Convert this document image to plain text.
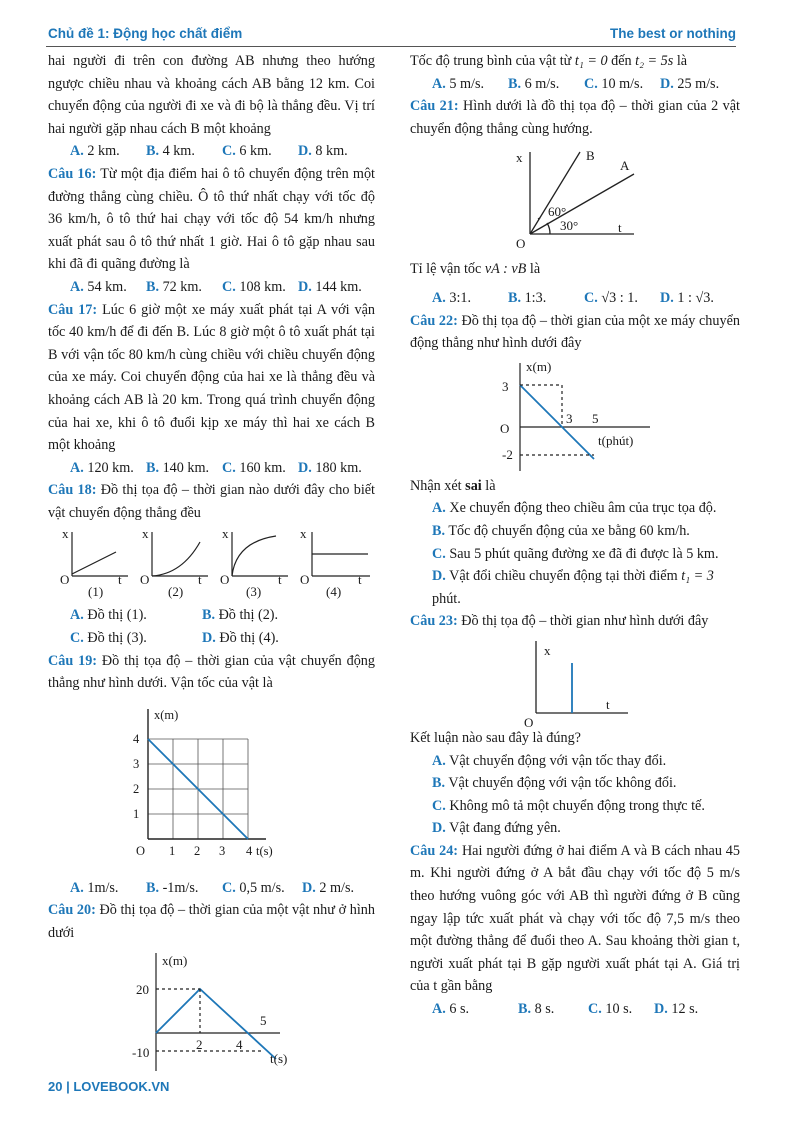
Chủ đề 1: Động học chất điểm	The best or nothing

hai người đi trên con đường AB nhưng theo hướng ngược chiều nhau và khoảng cách AB bằng 12 km. Coi chuyển động của người đi xe và đi bộ là thẳng đều. Vị trí hai người gặp nhau cách B một khoảng

A. 2 km.	B. 4 km.	C. 6 km.	D. 8 km.

Câu 16: Từ một địa điểm hai ô tô chuyển động trên một đường thẳng cùng chiều. Ô tô thứ nhất chạy với tốc độ 36 km/h, ô tô thứ hai chạy với tốc độ 54 km/h nhưng xuất phát sau ô tô thứ nhất 1 giờ. Hai ô tô gặp nhau sau khi đã đi quãng đường là

A. 54 km.	B. 72 km.	C. 108 km. D. 144 km.

Câu 17: Lúc 6 giờ một xe máy xuất phát tại A với vận tốc 40 km/h để đi đến B. Lúc 8 giờ một ô tô xuất phát tại B với vận tốc 80 km/h cùng chiều với chiều chuyển động của xe máy. Coi chuyển động của hai xe là thẳng đều và khoảng cách AB là 20 km. Trong quá trình chuyển động của hai xe, khi ô tô đuổi kịp xe máy thì hai xe cách B một khoảng

A. 120 km. B. 140 km. C. 160 km. D. 180 km.

Câu 18: Đồ thị tọa độ – thời gian nào dưới đây cho biết vật chuyển động thẳng đều

x
O	t
(1)
x
O	t
(2)
x
O	t
(3)
x
O	t
(4)
A. Đồ thị (1).	B. Đồ thị (2).
C. Đồ thị (3).	D. Đồ thị (4).

Câu 19: Đồ thị tọa độ – thời gian của vật chuyển động thẳng như hình dưới. Vận tốc của vật là

x(m)
4
3
2
1
O 1 2 3 4 t(s)
A. 1m/s.	B. -1m/s.	C. 0,5 m/s.	D. 2 m/s.

Câu 20: Đồ thị tọa độ – thời gian của một vật như ở hình dưới

x(m)
20
-10
2	4
5
t(s)

Tốc độ trung bình của vật từ t₁ = 0 đến t₂ = 5s là

A. 5 m/s.	B. 6 m/s.	C. 10 m/s.	D. 25 m/s.

Câu 21: Hình dưới là đồ thị tọa độ – thời gian của 2 vật chuyển động thẳng cùng hướng.

x
O
t
B
A
60°
30°

Tỉ lệ vận tốc vA : vB là

A. 3:1.	B. 1:3.	C. √3 : 1.	D. 1 : √3.

Câu 22: Đồ thị tọa độ – thời gian của một xe máy chuyển động thẳng như hình dưới đây

x(m)
3
O
-2
3 5
t(phút)

Nhận xét sai là

A. Xe chuyển động theo chiều âm của trục tọa độ.

B. Tốc độ chuyển động của xe bằng 60 km/h.

C. Sau 5 phút quãng đường xe đã đi được là 5 km.

D. Vật đổi chiều chuyển động tại thời điểm t₁ = 3

phút.

Câu 23: Đồ thị tọa độ – thời gian như hình dưới đây

x
O
t

Kết luận nào sau đây là đúng?

A. Vật chuyển động với vận tốc thay đổi.

B. Vật chuyển động với vận tốc không đổi.

C. Không mô tả một chuyển động trong thực tế.

D. Vật đang đứng yên.

Câu 24: Hai người đứng ở hai điểm A và B cách nhau 45 m. Khi người đứng ở A bắt đầu chạy với tốc độ 5 m/s theo hướng vuông góc với AB thì người đứng ở B cũng ngay lập tức xuất phát và chạy với tốc độ 7,5 m/s theo một đường thẳng để đuổi theo A. Sau khoảng thời gian t, người xuất phát tại B gặp người xuất phát tại A. Giá trị của t gần bằng

A. 6 s.	B. 8 s.	C. 10 s.	D. 12 s.
20 | LOVEBOOK.VN
